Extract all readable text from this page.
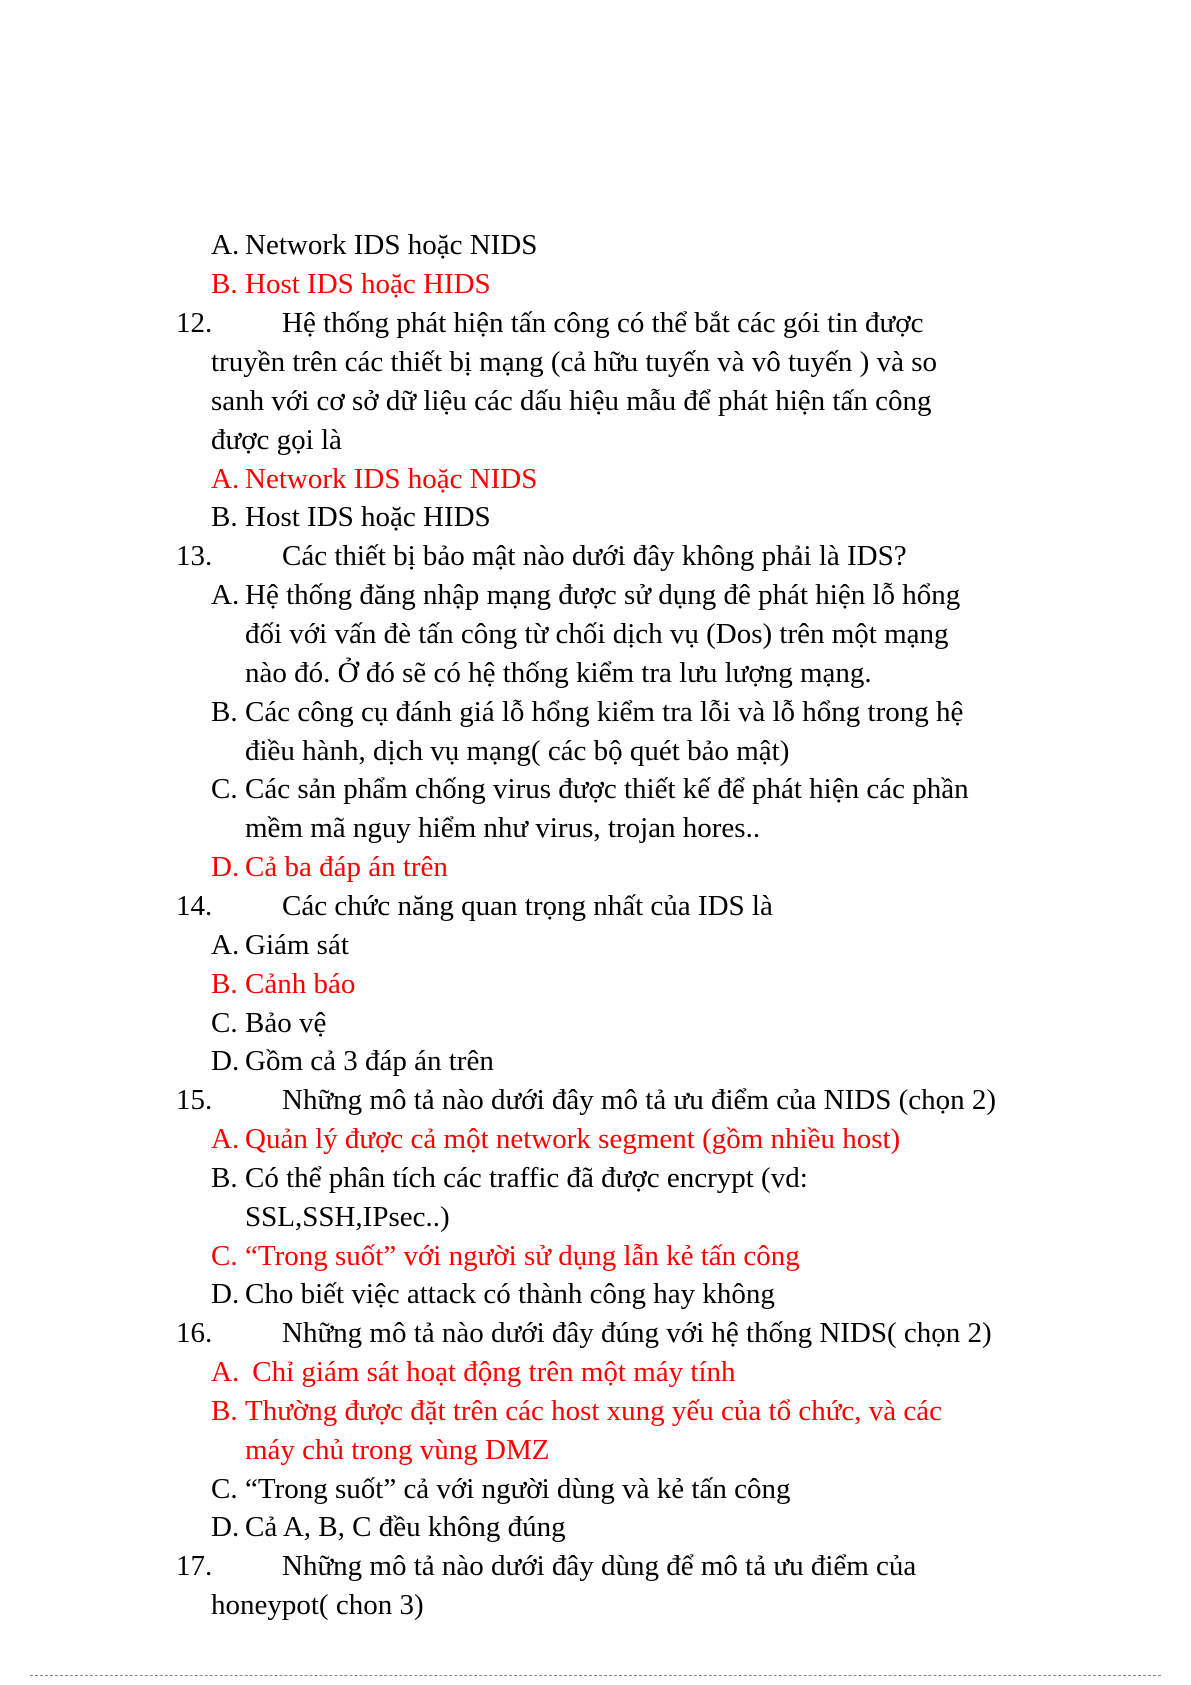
A. Network IDS hoặc NIDS
B. Host IDS hoặc HIDS
12. Hệ thống phát hiện tấn công có thể bắt các gói tin được
truyền trên các thiết bị mạng (cả hữu tuyến và vô tuyến ) và so
sanh với cơ sở dữ liệu các dấu hiệu mẫu để phát hiện tấn công
được gọi là
A. Network IDS hoặc NIDS
B. Host IDS hoặc HIDS
13. Các thiết bị bảo mật nào dưới đây không phải là IDS?
A. Hệ thống đăng nhập mạng được sử dụng đê phát hiện lỗ hổng
đối với vấn đè tấn công từ chối dịch vụ (Dos) trên một mạng
nào đó. Ở đó sẽ có hệ thống kiểm tra lưu lượng mạng.
B. Các công cụ đánh giá lỗ hổng kiểm tra lỗi và lỗ hổng trong hệ
điều hành, dịch vụ mạng( các bộ quét bảo mật)
C. Các sản phẩm chống virus được thiết kế để phát hiện các phần
mềm mã nguy hiểm như virus, trojan hores..
D. Cả ba đáp án trên
14. Các chức năng quan trọng nhất của IDS là
A. Giám sát
B. Cảnh báo
C. Bảo vệ
D. Gồm cả 3 đáp án trên
15. Những mô tả nào dưới đây mô tả ưu điểm của NIDS (chọn 2)
A. Quản lý được cả một network segment (gồm nhiều host)
B. Có thể phân tích các traffic đã được encrypt (vd:
SSL,SSH,IPsec..)
C. “Trong suốt” với người sử dụng lẫn kẻ tấn công
D. Cho biết việc attack có thành công hay không
16. Những mô tả nào dưới đây đúng với hệ thống NIDS( chọn 2)
A. Chỉ giám sát hoạt động trên một máy tính
B. Thường được đặt trên các host xung yếu của tổ chức, và các
máy chủ trong vùng DMZ
C. “Trong suốt” cả với người dùng và kẻ tấn công
D. Cả A, B, C đều không đúng
17. Những mô tả nào dưới đây dùng để mô tả ưu điểm của
honeypot( chon 3)
